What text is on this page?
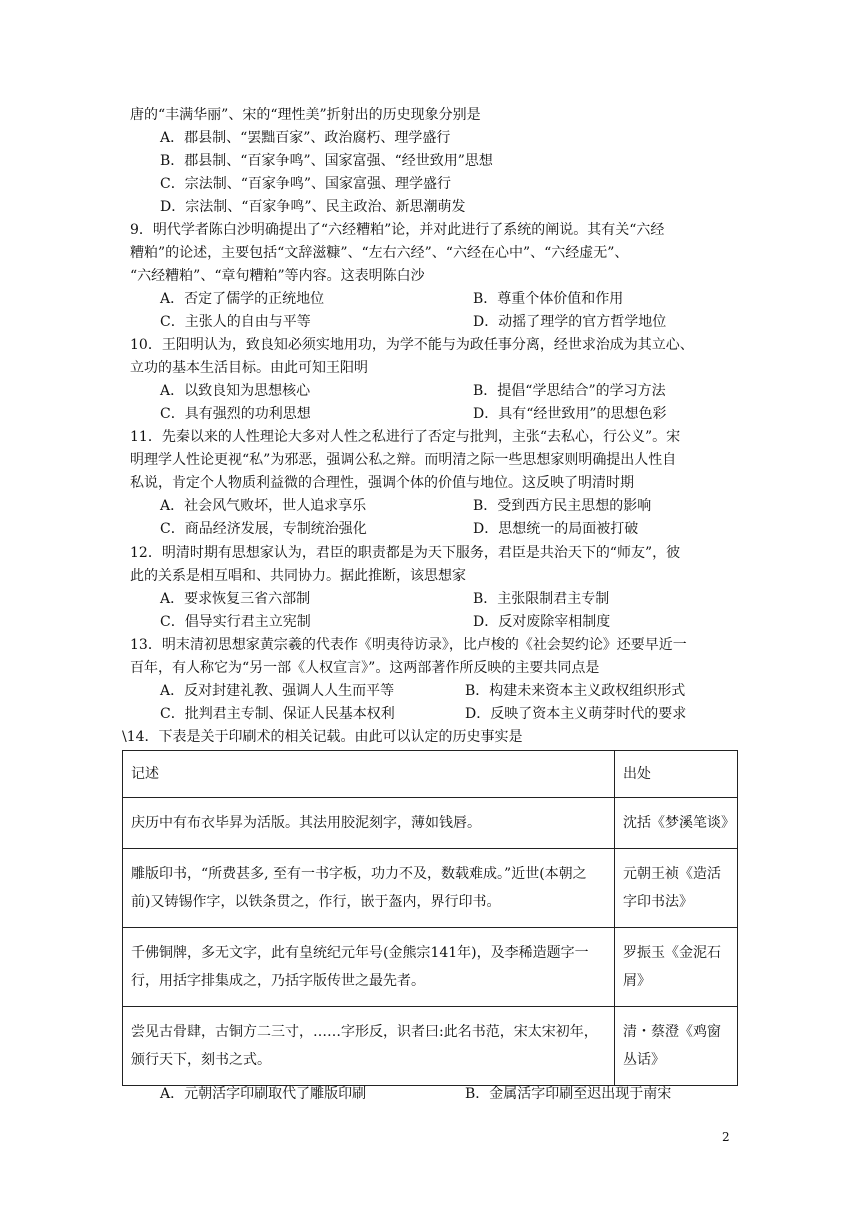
唐的“丰满华丽”、宋的“理性美”折射出的历史现象分别是
A．郡县制、“罢黜百家”、政治腐朽、理学盛行
B．郡县制、“百家争鸣”、国家富强、“经世致用”思想
C．宗法制、“百家争鸣”、国家富强、理学盛行
D．宗法制、“百家争鸣”、民主政治、新思潮萌发
9．明代学者陈白沙明确提出了“六经糟粕”论，并对此进行了系统的阐说。其有关“六经
糟粕”的论述，主要包括“文辞滋糠”、“左右六经”、“六经在心中”、“六经虚无”、
“六经糟粕”、“章句糟粕”等内容。这表明陈白沙
A．否定了儒学的正统地位	B．尊重个体价值和作用
C．主张人的自由与平等	D．动摇了理学的官方哲学地位
10．王阳明认为，致良知必须实地用功，为学不能与为政任事分离，经世求治成为其立心、
立功的基本生活目标。由此可知王阳明
A．以致良知为思想核心	B．提倡“学思结合”的学习方法
C．具有强烈的功利思想	D．具有“经世致用”的思想色彩
11．先秦以来的人性理论大多对人性之私进行了否定与批判，主张“去私心，行公义”。宋
明理学人性论更视“私”为邪恶，强调公私之辩。而明清之际一些思想家则明确提出人性自
私说，肯定个人物质利益微的合理性，强调个体的价值与地位。这反映了明清时期
A．社会风气败坏，世人追求享乐	B．受到西方民主思想的影响
C．商品经济发展，专制统治强化	D．思想统一的局面被打破
12．明清时期有思想家认为，君臣的职责都是为天下服务，君臣是共治天下的“师友”，彼
此的关系是相互唱和、共同协力。据此推断，该思想家
A．要求恢复三省六部制	B．主张限制君主专制
C．倡导实行君主立宪制	D．反对废除宰相制度
13．明末清初思想家黄宗羲的代表作《明夷待访录》，比卢梭的《社会契约论》还要早近一
百年，有人称它为“另一部《人权宣言》”。这两部著作所反映的主要共同点是
A．反对封建礼教、强调人人生而平等	B．构建未来资本主义政权组织形式
C．批判君主专制、保证人民基本权利	D．反映了资本主义萌芽时代的要求
\14．下表是关于印刷术的相关记载。由此可以认定的历史事实是
记述	出处
庆历中有布衣毕昇为活版。其法用胶泥刻字，薄如钱唇。	沈括《梦溪笔谈》
雕版印书，“所费甚多, 至有一书字板，功力不及，数载难成。”近世(本朝之前)又铸锡作字，以铁条贯之，作行，嵌于盔内，界行印书。	元朝王祯《造活字印书法》
千佛铜牌，多无文字，此有皇统纪元年号(金熊宗141年)，及李稀造题字一行，用括字排集成之，乃括字版传世之最先者。	罗振玉《金泥石屑》
尝见古骨肆，古铜方二三寸，……字形反，识者曰:此名书范，宋太宋初年，颁行天下，刻书之式。	清・蔡澄《鸡窗丛话》
A．元朝活字印刷取代了雕版印刷	B．金属活字印刷至迟出现于南宋
2
